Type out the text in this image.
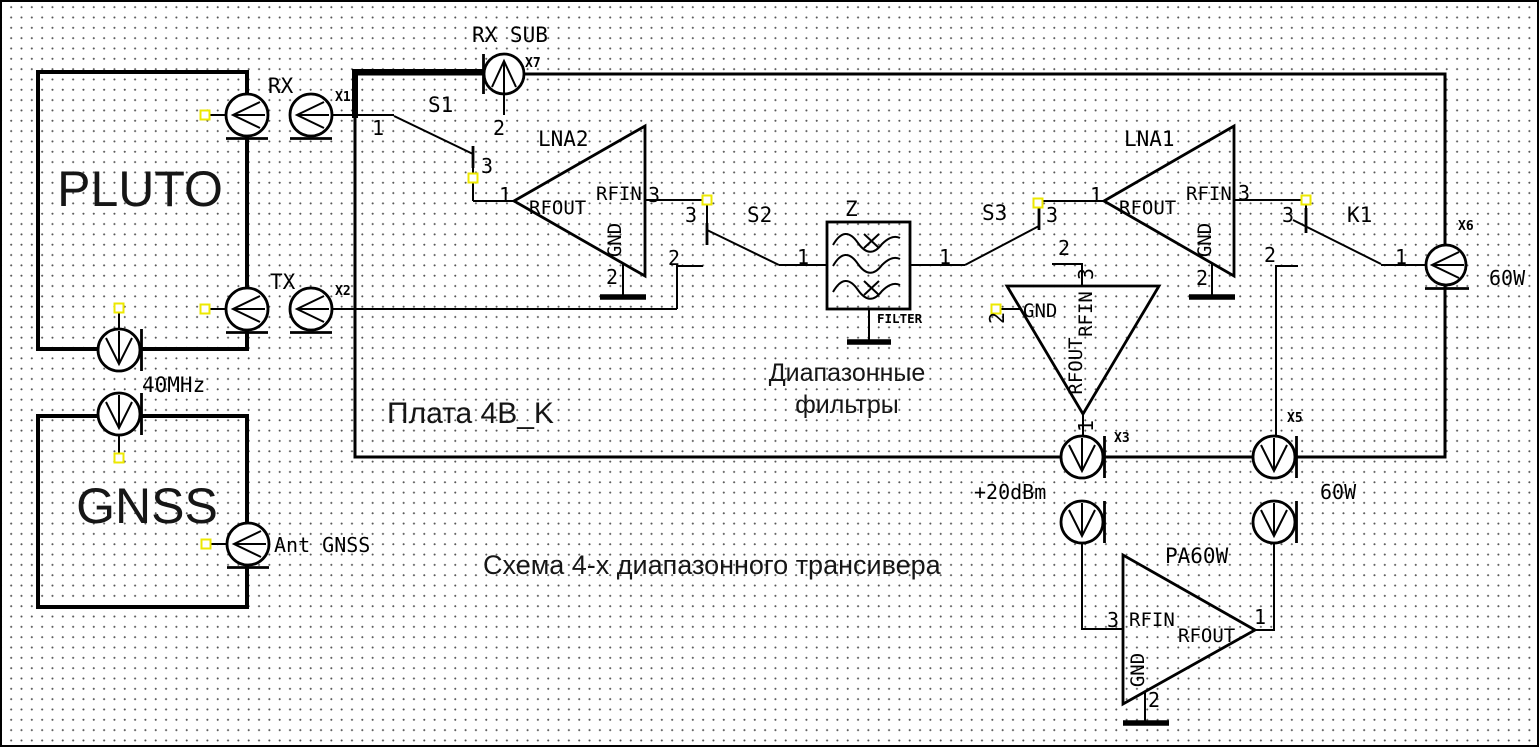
PLUTO
GNSS
Плата 4B_K
Схема 4-х диапазонного трансивера
Диапазонные
фильтры
RX
TX
RX SUB
40MHz
Ant GNSS
+20dBm	60W
60W
X1
X2
X3
X5
X6
X7
S1
S2	S3	K1
Z
LNA2	LNA1
PA60W
FILTER
RFOUT
RFIN
GND
RFOUT
RFIN
GND
RFIN
RFOUT
GND
RFIN
RFOUT
GND
1
3
2
1	3
2
3
2	1	1
3
2
1	3
2
3
2	1
3
2
1
3	1
2
